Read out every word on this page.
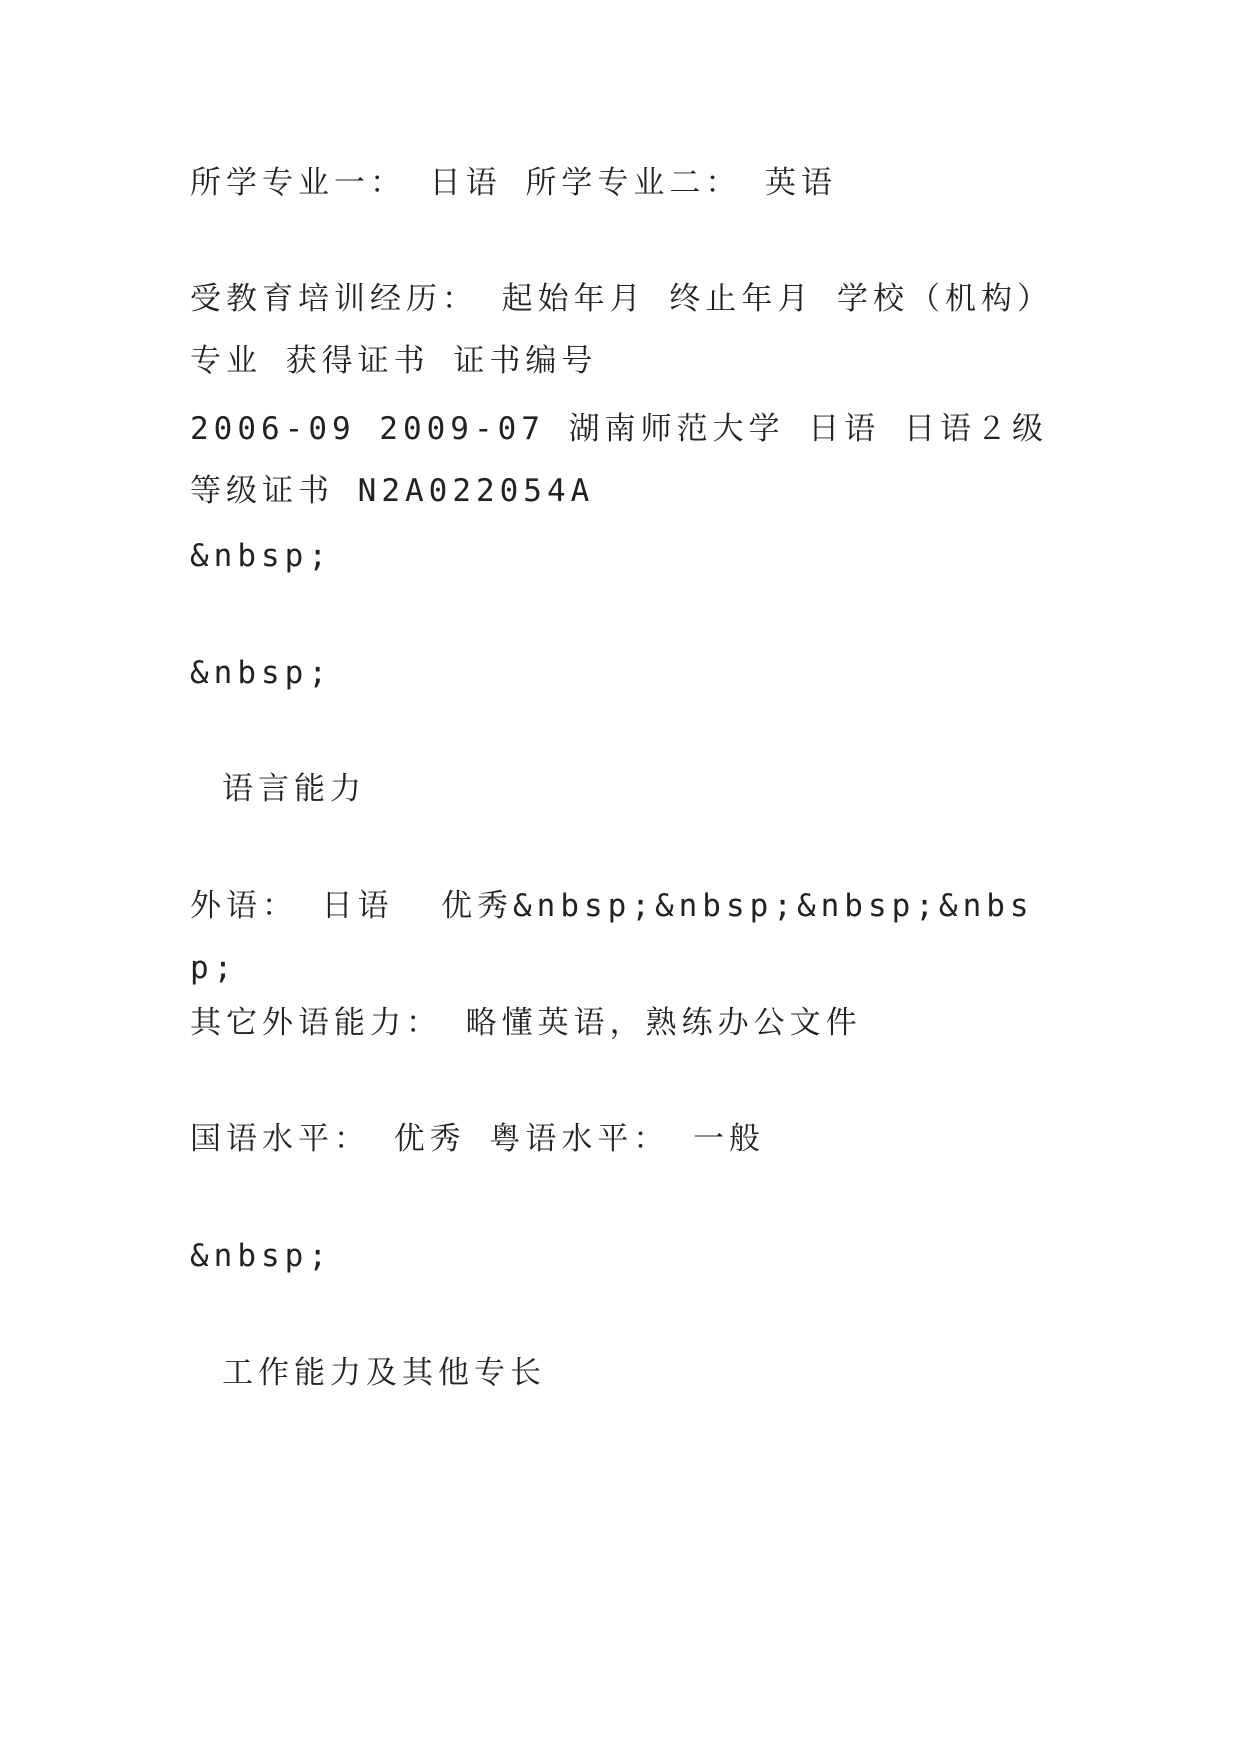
所学专业一： 日语 所学专业二： 英语

受教育培训经历： 起始年月 终止年月 学校（机构） 专业 获得证书 证书编号

2006-09 2009-07 湖南师范大学 日语 日语２级等级证书 N2A022054A

&nbsp;

&nbsp;

语言能力

外语： 日语  优秀&nbsp;&nbsp;&nbsp;&nbsp;

其它外语能力： 略懂英语，熟练办公文件

国语水平： 优秀 粤语水平： 一般

&nbsp;

工作能力及其他专长
